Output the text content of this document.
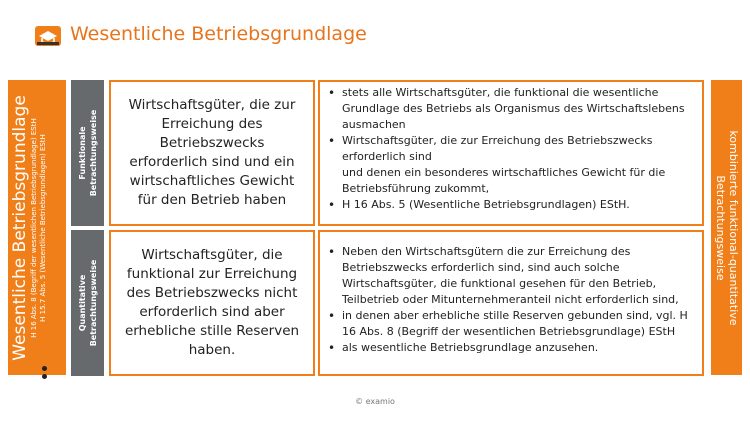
Wesentliche Betriebsgrundlage
Wesentliche Betriebsgrundlage H 16 Abs. 8 (Begriff der wesentlichen Betriebsgrundlage) EStH H 15.7 Abs. 5 (Wesentliche Betriebsgrundlagen) EStH	Funktionale Betrachtungsweise
Wirtschaftsgüter, die zur Erreichung des Betriebszwecks erforderlich sind und ein wirtschaftliches Gewicht für den Betrieb haben
• stets alle Wirtschaftsgüter, die funktional die wesentliche Grundlage des Betriebs als Organismus des Wirtschaftslebens ausmachen
• Wirtschaftsgüter, die zur Erreichung des Betriebszwecks erforderlich sind
und denen ein besonderes wirtschaftliches Gewicht für die Betriebsführung zukommt,
• H 16 Abs. 5 (Wesentliche Betriebsgrundlagen) EStH.
Quantitative Betrachtungsweise
Wirtschaftsgüter, die funktional zur Erreichung des Betriebszwecks nicht erforderlich sind aber erhebliche stille Reserven haben.
• Neben den Wirtschaftsgütern die zur Erreichung des Betriebszwecks erforderlich sind, sind auch solche Wirtschaftsgüter, die funktional gesehen für den Betrieb, Teilbetrieb oder Mitunternehmeranteil nicht erforderlich sind,
• in denen aber erhebliche stille Reserven gebunden sind, vgl. H 16 Abs. 8 (Begriff der wesentlichen Betriebsgrundlage) EStH
• als wesentliche Betriebsgrundlage anzusehen.
kombinierte funktional-quantitative Betrachtungsweise
© examio
